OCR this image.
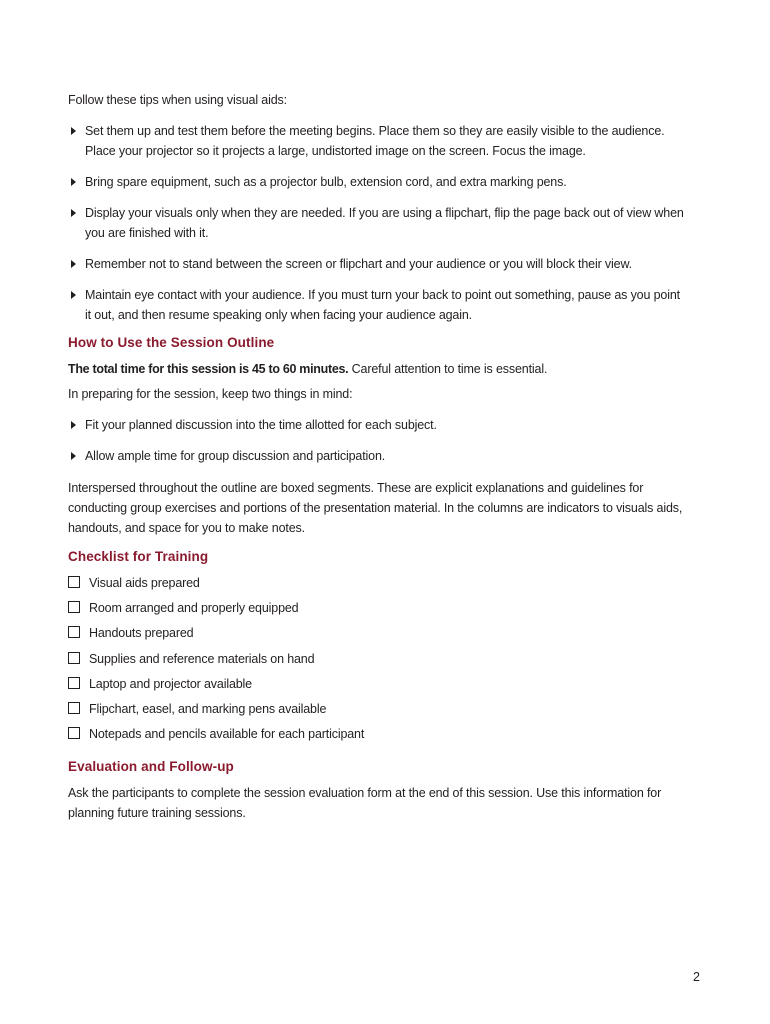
Follow these tips when using visual aids:
Set them up and test them before the meeting begins. Place them so they are easily visible to the audience.
Place your projector so it projects a large, undistorted image on the screen. Focus the image.
Bring spare equipment, such as a projector bulb, extension cord, and extra marking pens.
Display your visuals only when they are needed. If you are using a flipchart, flip the page back out of view when
you are finished with it.
Remember not to stand between the screen or flipchart and your audience or you will block their view.
Maintain eye contact with your audience. If you must turn your back to point out something, pause as you point
it out, and then resume speaking only when facing your audience again.
How to Use the Session Outline
The total time for this session is 45 to 60 minutes. Careful attention to time is essential.
In preparing for the session, keep two things in mind:
Fit your planned discussion into the time allotted for each subject.
Allow ample time for group discussion and participation.
Interspersed throughout the outline are boxed segments. These are explicit explanations and guidelines for
conducting group exercises and portions of the presentation material. In the columns are indicators to visuals aids,
handouts, and space for you to make notes.
Checklist for Training
Visual aids prepared
Room arranged and properly equipped
Handouts prepared
Supplies and reference materials on hand
Laptop and projector available
Flipchart, easel, and marking pens available
Notepads and pencils available for each participant
Evaluation and Follow-up
Ask the participants to complete the session evaluation form at the end of this session. Use this information for
planning future training sessions.
2
